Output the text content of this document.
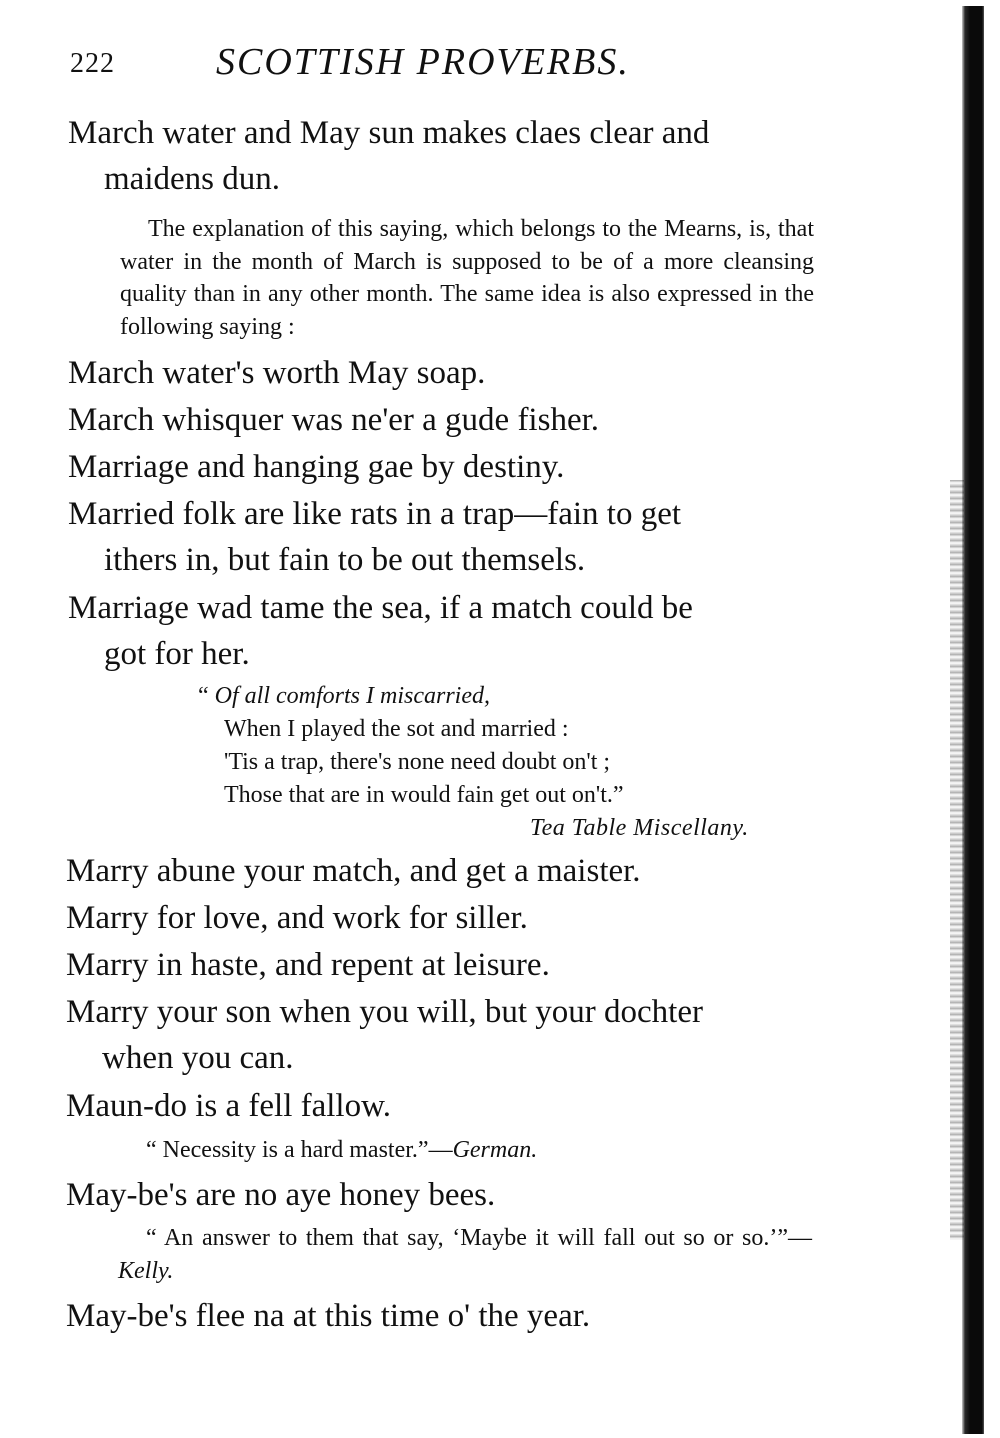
222	SCOTTISH PROVERBS.

March water and May sun makes claes clear and
maidens dun.

The explanation of this saying, which belongs to the Mearns, is, that water in the month of March is supposed to be of a more cleansing quality than in any other month. The same idea is also expressed in the following saying :

March water's worth May soap.

March whisquer was ne'er a gude fisher.

Marriage and hanging gae by destiny.

Married folk are like rats in a trap—fain to get
ithers in, but fain to be out themsels.

Marriage wad tame the sea, if a match could be
got for her.

“ Of all comforts I miscarried,
When I played the sot and married :
'Tis a trap, there's none need doubt on't ;
Those that are in would fain get out on't.”

Tea Table Miscellany.

Marry abune your match, and get a maister.

Marry for love, and work for siller.

Marry in haste, and repent at leisure.

Marry your son when you will, but your dochter
when you can.

Maun-do is a fell fallow.

“ Necessity is a hard master.”—German.

May-be's are no aye honey bees.

“ An answer to them that say, ‘Maybe it will fall out so or so.’”—Kelly.

May-be's flee na at this time o' the year.
